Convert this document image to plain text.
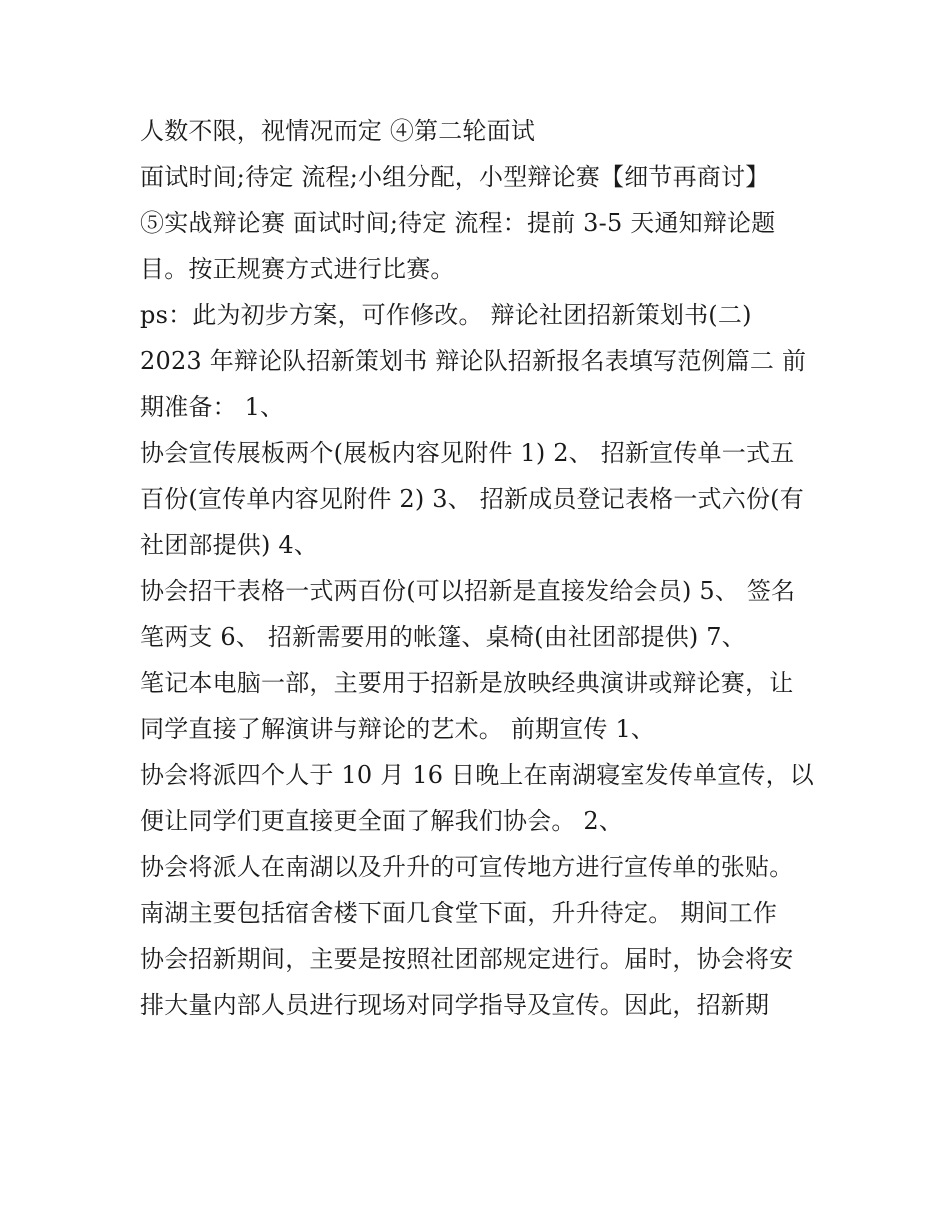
人数不限，视情况而定 ④第二轮面试
面试时间;待定 流程;小组分配，小型辩论赛【细节再商讨】
⑤实战辩论赛 面试时间;待定 流程：提前 3-5 天通知辩论题
目。按正规赛方式进行比赛。
ps：此为初步方案，可作修改。 辩论社团招新策划书(二)
2023 年辩论队招新策划书 辩论队招新报名表填写范例篇二 前
期准备： 1、
协会宣传展板两个(展板内容见附件 1) 2、 招新宣传单一式五
百份(宣传单内容见附件 2) 3、 招新成员登记表格一式六份(有
社团部提供) 4、
协会招干表格一式两百份(可以招新是直接发给会员) 5、 签名
笔两支 6、 招新需要用的帐篷、桌椅(由社团部提供) 7、
笔记本电脑一部，主要用于招新是放映经典演讲或辩论赛，让
同学直接了解演讲与辩论的艺术。 前期宣传 1、
协会将派四个人于 10 月 16 日晚上在南湖寝室发传单宣传，以
便让同学们更直接更全面了解我们协会。 2、
协会将派人在南湖以及升升的可宣传地方进行宣传单的张贴。
南湖主要包括宿舍楼下面几食堂下面，升升待定。 期间工作
协会招新期间，主要是按照社团部规定进行。届时，协会将安
排大量内部人员进行现场对同学指导及宣传。因此，招新期
